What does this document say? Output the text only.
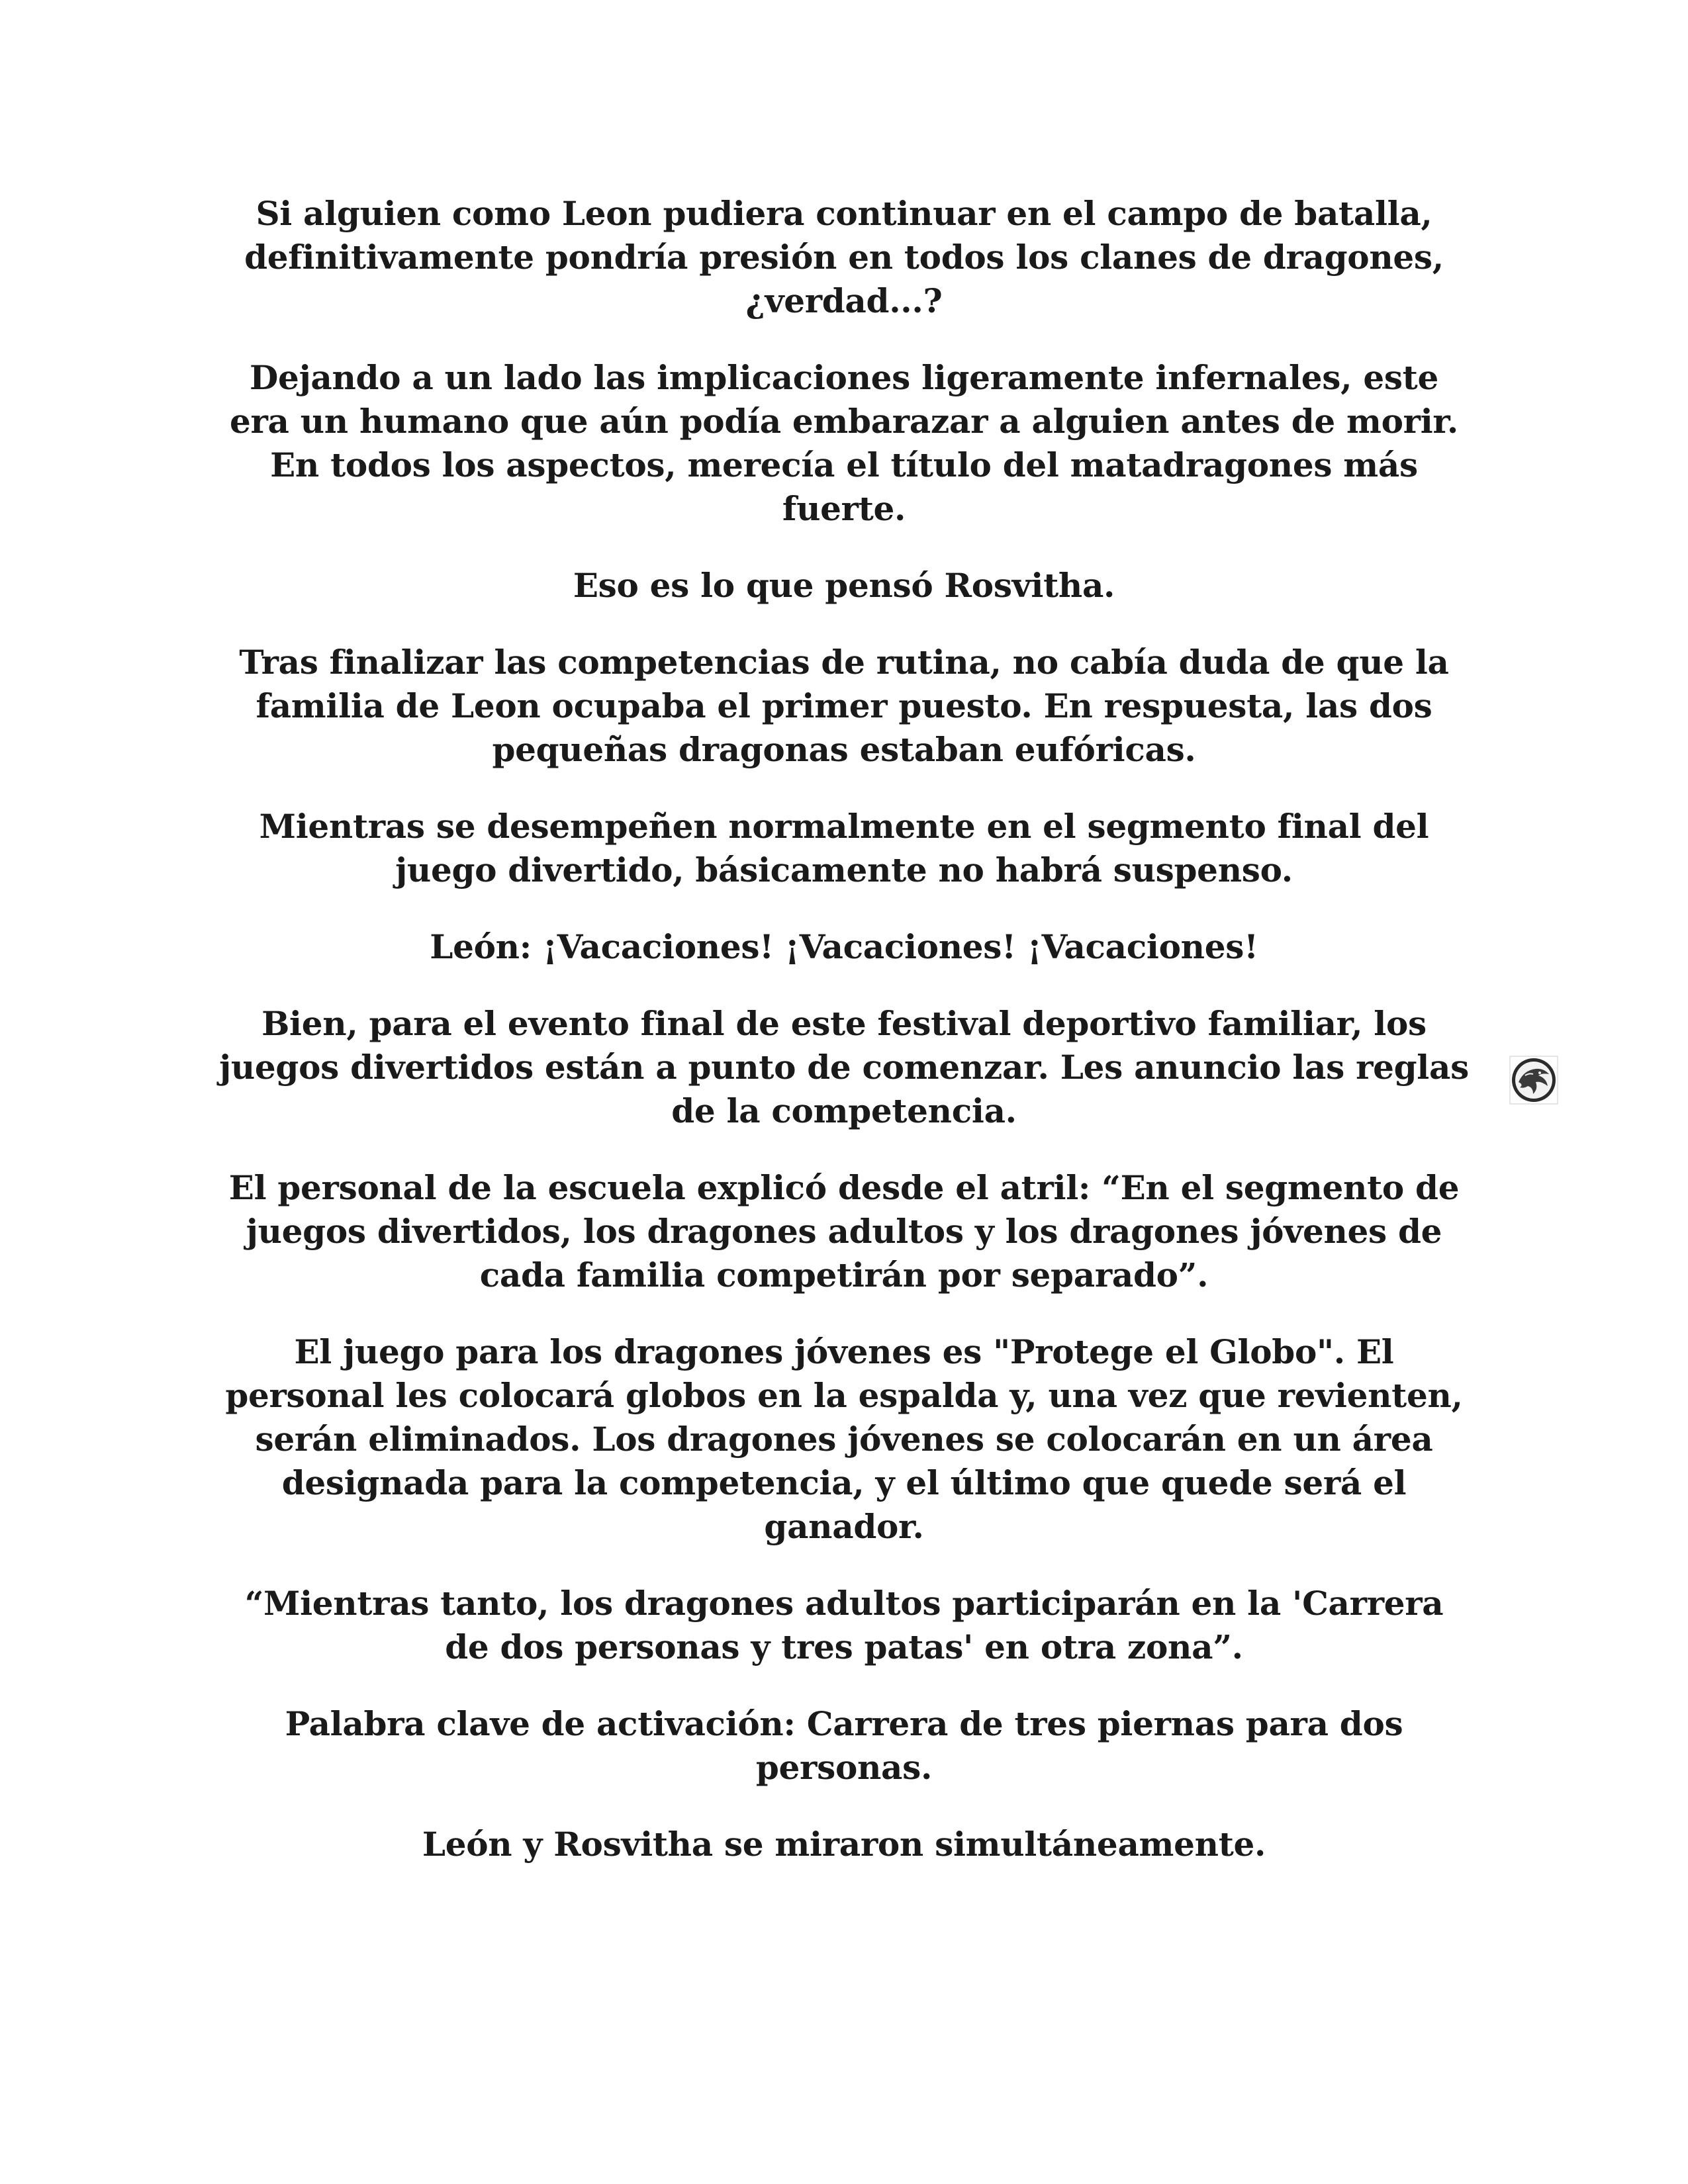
Si alguien como Leon pudiera continuar en el campo de batalla, definitivamente pondría presión en todos los clanes de dragones, ¿verdad...?

Dejando a un lado las implicaciones ligeramente infernales, este era un humano que aún podía embarazar a alguien antes de morir. En todos los aspectos, merecía el título del matadragones más fuerte.

Eso es lo que pensó Rosvitha.

Tras finalizar las competencias de rutina, no cabía duda de que la familia de Leon ocupaba el primer puesto. En respuesta, las dos pequeñas dragonas estaban eufóricas.

Mientras se desempeñen normalmente en el segmento final del juego divertido, básicamente no habrá suspenso.

León: ¡Vacaciones! ¡Vacaciones! ¡Vacaciones!

Bien, para el evento final de este festival deportivo familiar, los juegos divertidos están a punto de comenzar. Les anuncio las reglas de la competencia.

El personal de la escuela explicó desde el atril: “En el segmento de juegos divertidos, los dragones adultos y los dragones jóvenes de cada familia competirán por separado”.

El juego para los dragones jóvenes es "Protege el Globo". El personal les colocará globos en la espalda y, una vez que revienten, serán eliminados. Los dragones jóvenes se colocarán en un área designada para la competencia, y el último que quede será el ganador.

“Mientras tanto, los dragones adultos participarán en la 'Carrera de dos personas y tres patas' en otra zona”.

Palabra clave de activación: Carrera de tres piernas para dos personas.

León y Rosvitha se miraron simultáneamente.
